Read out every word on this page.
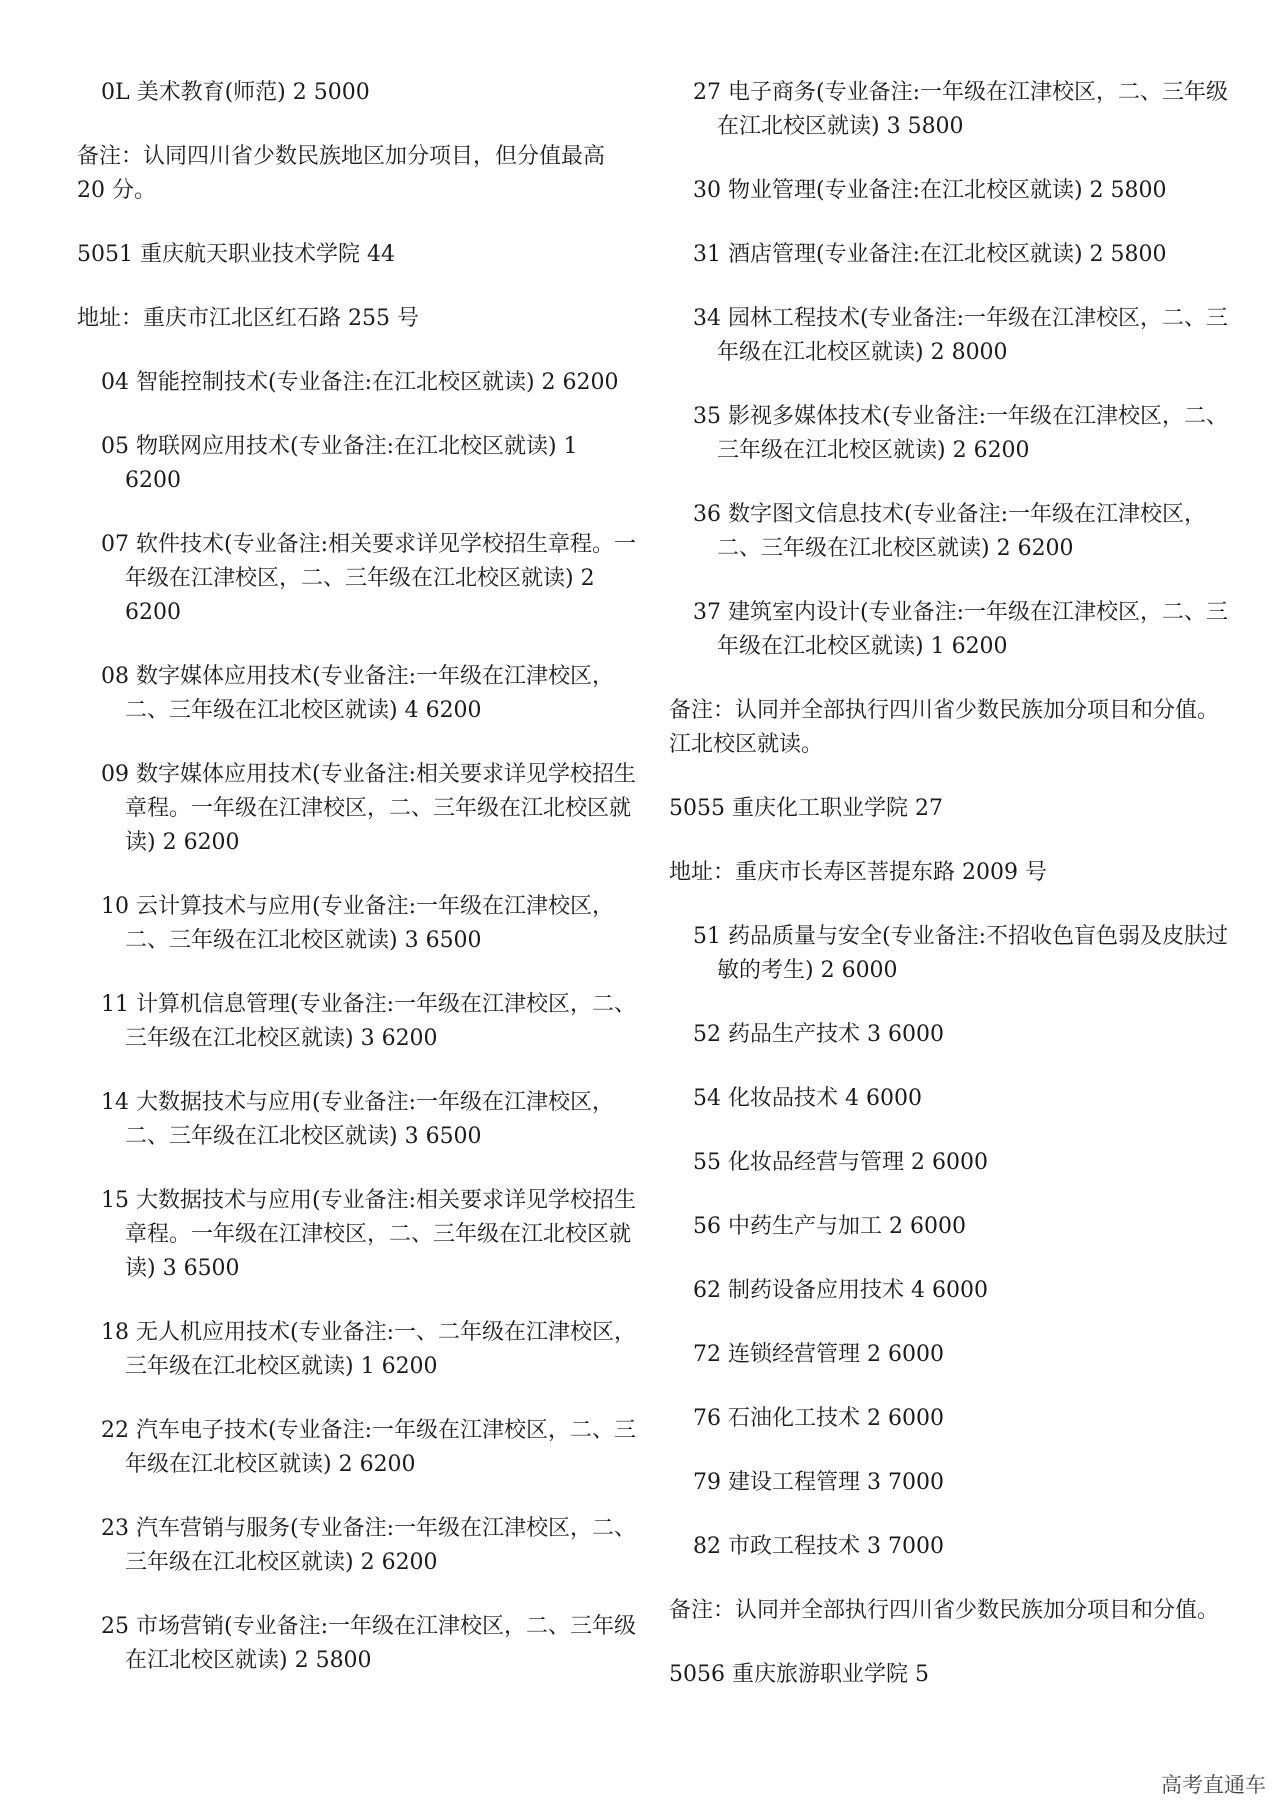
0L 美术教育(师范) 2 5000
备注：认同四川省少数民族地区加分项目，但分值最高 20 分。
5051 重庆航天职业技术学院 44
地址：重庆市江北区红石路 255 号
04 智能控制技术(专业备注:在江北校区就读) 2 6200
05 物联网应用技术(专业备注:在江北校区就读) 1 6200
07 软件技术(专业备注:相关要求详见学校招生章程。一年级在江津校区，二、三年级在江北校区就读) 2 6200
08 数字媒体应用技术(专业备注:一年级在江津校区，二、三年级在江北校区就读) 4 6200
09 数字媒体应用技术(专业备注:相关要求详见学校招生章程。一年级在江津校区，二、三年级在江北校区就读) 2 6200
10 云计算技术与应用(专业备注:一年级在江津校区，二、三年级在江北校区就读) 3 6500
11 计算机信息管理(专业备注:一年级在江津校区，二、三年级在江北校区就读) 3 6200
14 大数据技术与应用(专业备注:一年级在江津校区，二、三年级在江北校区就读) 3 6500
15 大数据技术与应用(专业备注:相关要求详见学校招生章程。一年级在江津校区，二、三年级在江北校区就读) 3 6500
18 无人机应用技术(专业备注:一、二年级在江津校区，三年级在江北校区就读) 1 6200
22 汽车电子技术(专业备注:一年级在江津校区，二、三年级在江北校区就读) 2 6200
23 汽车营销与服务(专业备注:一年级在江津校区，二、三年级在江北校区就读) 2 6200
25 市场营销(专业备注:一年级在江津校区，二、三年级在江北校区就读) 2 5800
27 电子商务(专业备注:一年级在江津校区，二、三年级在江北校区就读) 3 5800
30 物业管理(专业备注:在江北校区就读) 2 5800
31 酒店管理(专业备注:在江北校区就读) 2 5800
34 园林工程技术(专业备注:一年级在江津校区，二、三年级在江北校区就读) 2 8000
35 影视多媒体技术(专业备注:一年级在江津校区，二、三年级在江北校区就读) 2 6200
36 数字图文信息技术(专业备注:一年级在江津校区，二、三年级在江北校区就读) 2 6200
37 建筑室内设计(专业备注:一年级在江津校区，二、三年级在江北校区就读) 1 6200
备注：认同并全部执行四川省少数民族加分项目和分值。江北校区就读。
5055 重庆化工职业学院 27
地址：重庆市长寿区菩提东路 2009 号
51 药品质量与安全(专业备注:不招收色盲色弱及皮肤过敏的考生) 2 6000
52 药品生产技术 3 6000
54 化妆品技术 4 6000
55 化妆品经营与管理 2 6000
56 中药生产与加工 2 6000
62 制药设备应用技术 4 6000
72 连锁经营管理 2 6000
76 石油化工技术 2 6000
79 建设工程管理 3 7000
82 市政工程技术 3 7000
备注：认同并全部执行四川省少数民族加分项目和分值。
5056 重庆旅游职业学院 5
高考直通车
